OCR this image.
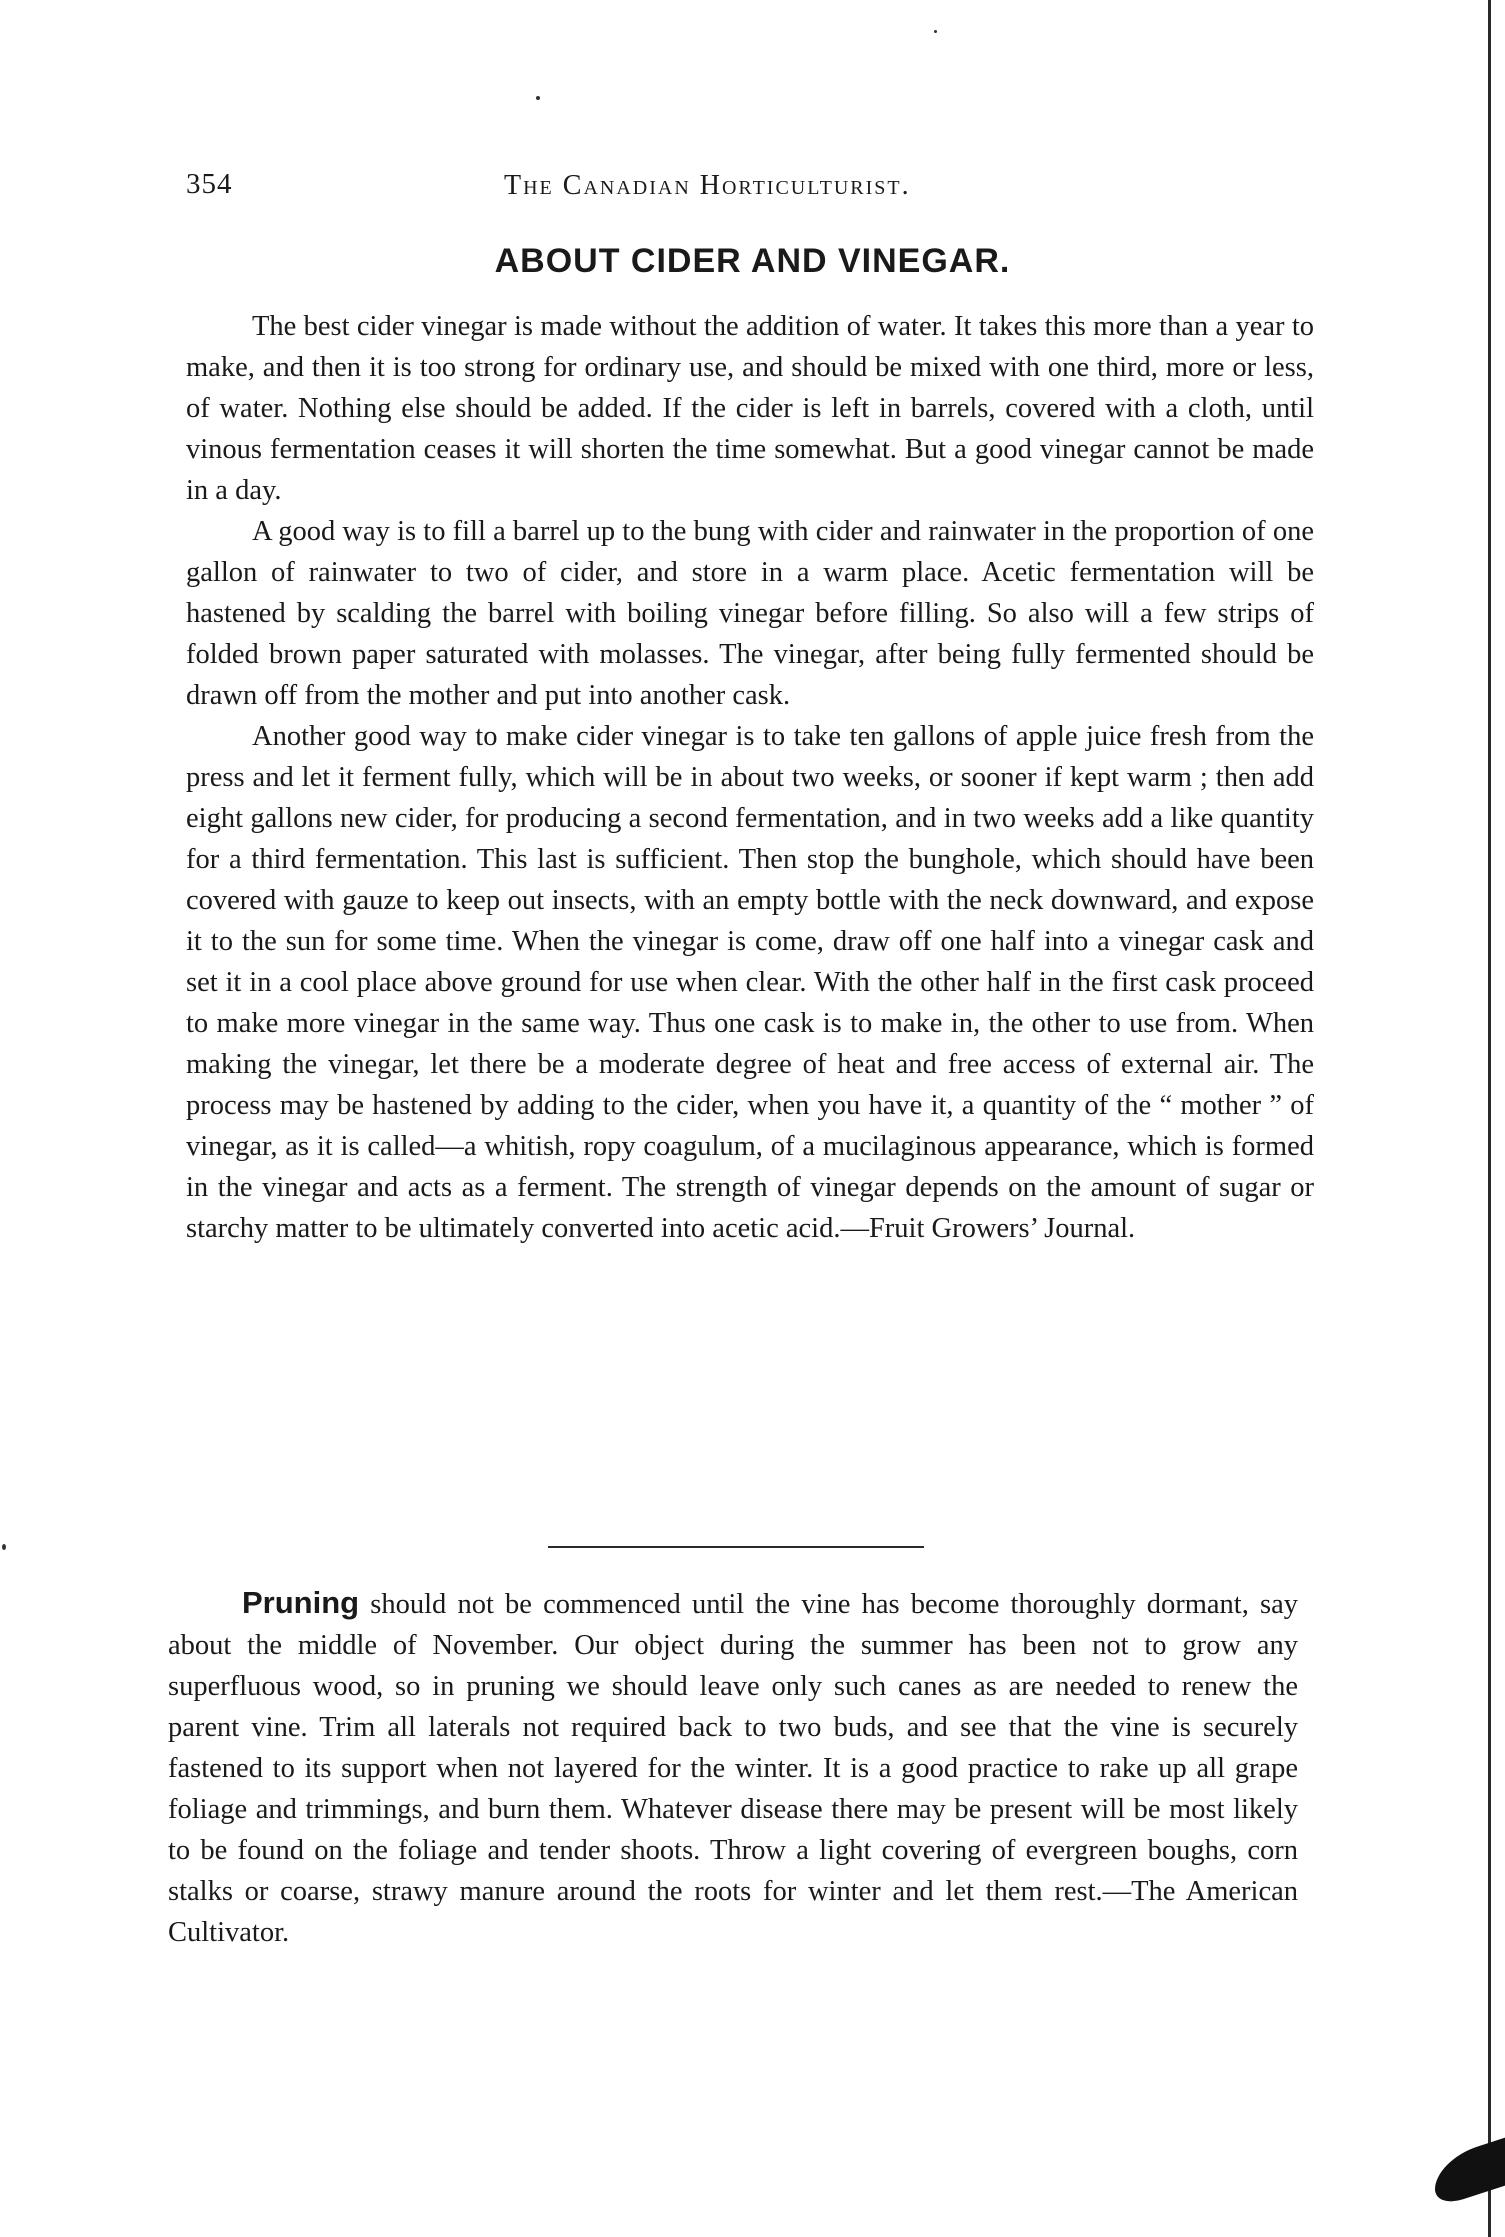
354	The Canadian Horticulturist.
ABOUT CIDER AND VINEGAR.

The best cider vinegar is made without the addition of water. It takes this more than a year to make, and then it is too strong for ordinary use, and should be mixed with one third, more or less, of water. Nothing else should be added. If the cider is left in barrels, covered with a cloth, until vinous fermentation ceases it will shorten the time somewhat. But a good vinegar cannot be made in a day.

A good way is to fill a barrel up to the bung with cider and rainwater in the proportion of one gallon of rainwater to two of cider, and store in a warm place. Acetic fermentation will be hastened by scalding the barrel with boiling vinegar before filling. So also will a few strips of folded brown paper saturated with molasses. The vinegar, after being fully fermented should be drawn off from the mother and put into another cask.

Another good way to make cider vinegar is to take ten gallons of apple juice fresh from the press and let it ferment fully, which will be in about two weeks, or sooner if kept warm ; then add eight gallons new cider, for producing a second fermentation, and in two weeks add a like quantity for a third fermentation. This last is sufficient. Then stop the bunghole, which should have been covered with gauze to keep out insects, with an empty bottle with the neck downward, and expose it to the sun for some time. When the vinegar is come, draw off one half into a vinegar cask and set it in a cool place above ground for use when clear. With the other half in the first cask proceed to make more vinegar in the same way. Thus one cask is to make in, the other to use from. When making the vinegar, let there be a moderate degree of heat and free access of external air. The process may be hastened by adding to the cider, when you have it, a quantity of the “ mother ” of vinegar, as it is called—a whitish, ropy coagulum, of a mucilaginous appearance, which is formed in the vinegar and acts as a ferment. The strength of vinegar depends on the amount of sugar or starchy matter to be ultimately converted into acetic acid.—Fruit Growers’ Journal.

Pruning should not be commenced until the vine has become thoroughly dormant, say about the middle of November. Our object during the summer has been not to grow any superfluous wood, so in pruning we should leave only such canes as are needed to renew the parent vine. Trim all laterals not required back to two buds, and see that the vine is securely fastened to its support when not layered for the winter. It is a good practice to rake up all grape foliage and trimmings, and burn them. Whatever disease there may be present will be most likely to be found on the foliage and tender shoots. Throw a light covering of evergreen boughs, corn stalks or coarse, strawy manure around the roots for winter and let them rest.—The American Cultivator.
